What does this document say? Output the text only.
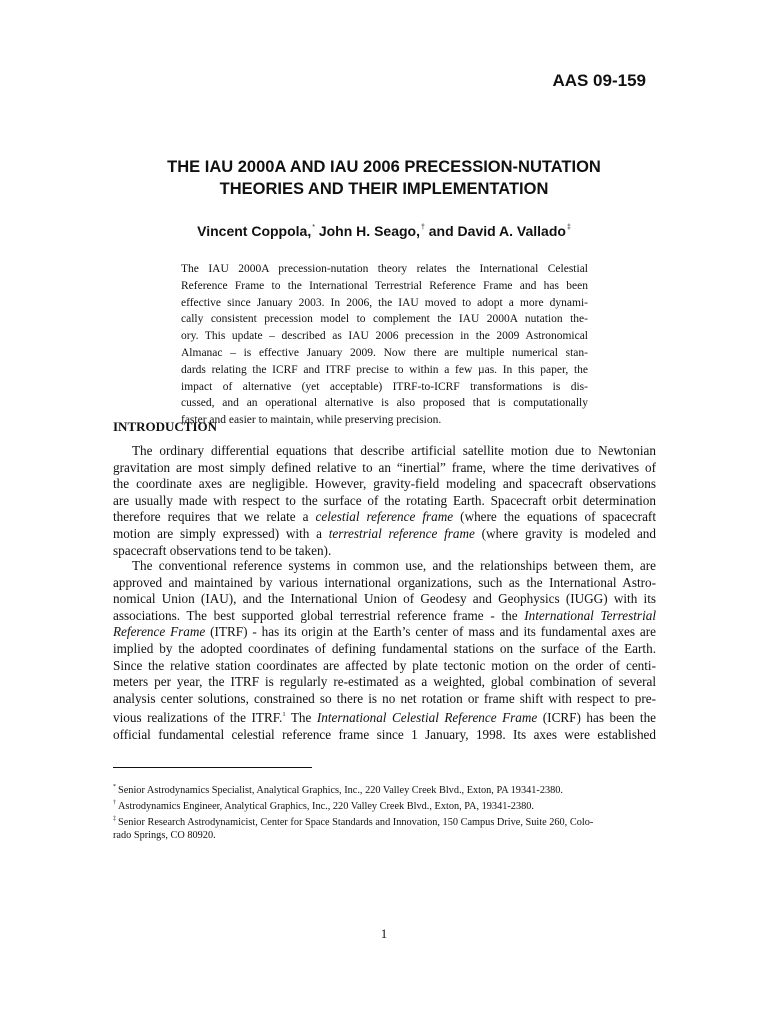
AAS 09-159
THE IAU 2000A AND IAU 2006 PRECESSION-NUTATION
THEORIES AND THEIR IMPLEMENTATION
Vincent Coppola,* John H. Seago,† and David A. Vallado‡
The IAU 2000A precession-nutation theory relates the International Celestial
Reference Frame to the International Terrestrial Reference Frame and has been
effective since January 2003. In 2006, the IAU moved to adopt a more dynami-
cally consistent precession model to complement the IAU 2000A nutation the-
ory. This update – described as IAU 2006 precession in the 2009 Astronomical
Almanac – is effective January 2009. Now there are multiple numerical stan-
dards relating the ICRF and ITRF precise to within a few µas. In this paper, the
impact of alternative (yet acceptable) ITRF-to-ICRF transformations is dis-
cussed, and an operational alternative is also proposed that is computationally
faster and easier to maintain, while preserving precision.
INTRODUCTION
The ordinary differential equations that describe artificial satellite motion due to Newtonian
gravitation are most simply defined relative to an “inertial” frame, where the time derivatives of
the coordinate axes are negligible. However, gravity-field modeling and spacecraft observations
are usually made with respect to the surface of the rotating Earth. Spacecraft orbit determination
therefore requires that we relate a celestial reference frame (where the equations of spacecraft
motion are simply expressed) with a terrestrial reference frame (where gravity is modeled and
spacecraft observations tend to be taken).
The conventional reference systems in common use, and the relationships between them, are
approved and maintained by various international organizations, such as the International Astro-
nomical Union (IAU), and the International Union of Geodesy and Geophysics (IUGG) with its
associations. The best supported global terrestrial reference frame - the International Terrestrial
Reference Frame (ITRF) - has its origin at the Earth’s center of mass and its fundamental axes are
implied by the adopted coordinates of defining fundamental stations on the surface of the Earth.
Since the relative station coordinates are affected by plate tectonic motion on the order of centi-
meters per year, the ITRF is regularly re-estimated as a weighted, global combination of several
analysis center solutions, constrained so there is no net rotation or frame shift with respect to pre-
vious realizations of the ITRF.$^1$ The International Celestial Reference Frame (ICRF) has been the
official fundamental celestial reference frame since 1 January, 1998. Its axes were established
* Senior Astrodynamics Specialist, Analytical Graphics, Inc., 220 Valley Creek Blvd., Exton, PA 19341-2380.
† Astrodynamics Engineer, Analytical Graphics, Inc., 220 Valley Creek Blvd., Exton, PA, 19341-2380.
‡ Senior Research Astrodynamicist, Center for Space Standards and Innovation, 150 Campus Drive, Suite 260, Colo-
rado Springs, CO 80920.
1
